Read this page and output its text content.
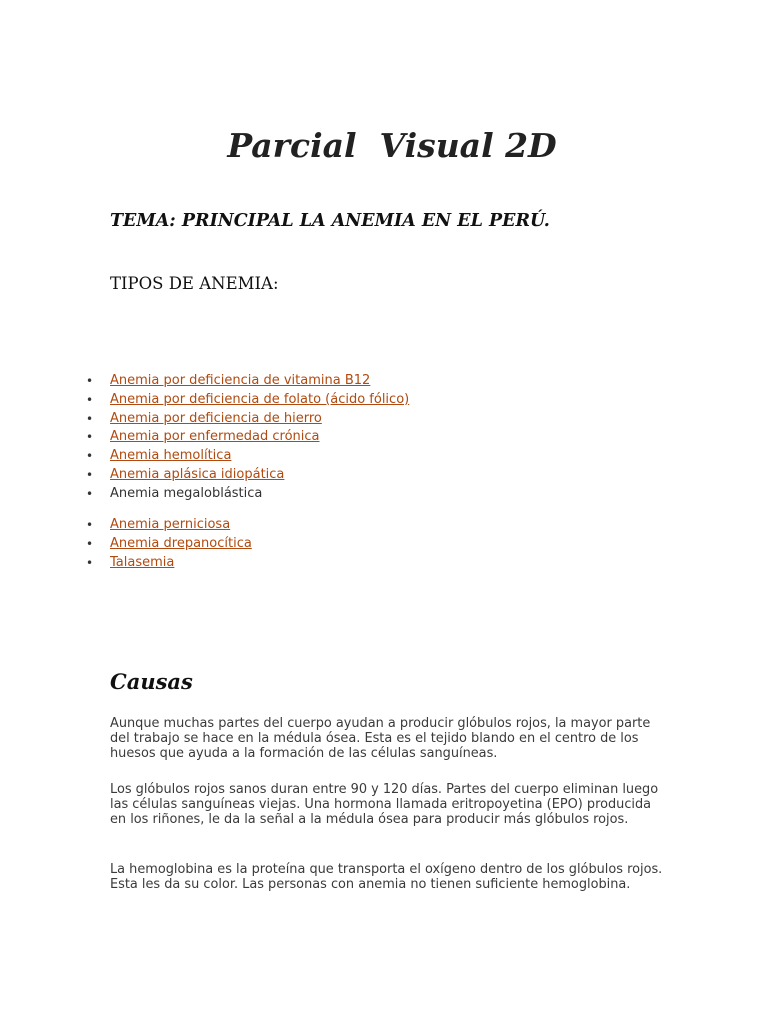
Parcial  Visual 2D
TEMA: PRINCIPAL LA ANEMIA EN EL PERÚ.

TIPOS DE ANEMIA:

• Anemia por deficiencia de vitamina B12
• Anemia por deficiencia de folato (ácido fólico)
• Anemia por deficiencia de hierro
• Anemia por enfermedad crónica
• Anemia hemolítica
• Anemia aplásica idiopática
• Anemia megaloblástica
• Anemia perniciosa
• Anemia drepanocítica
• Talasemia
Causas

Aunque muchas partes del cuerpo ayudan a producir glóbulos rojos, la mayor parte del trabajo se hace en la médula ósea. Esta es el tejido blando en el centro de los huesos que ayuda a la formación de las células sanguíneas.

Los glóbulos rojos sanos duran entre 90 y 120 días. Partes del cuerpo eliminan luego las células sanguíneas viejas. Una hormona llamada eritropoyetina (EPO) producida en los riñones, le da la señal a la médula ósea para producir más glóbulos rojos.

La hemoglobina es la proteína que transporta el oxígeno dentro de los glóbulos rojos. Esta les da su color. Las personas con anemia no tienen suficiente hemoglobina.
